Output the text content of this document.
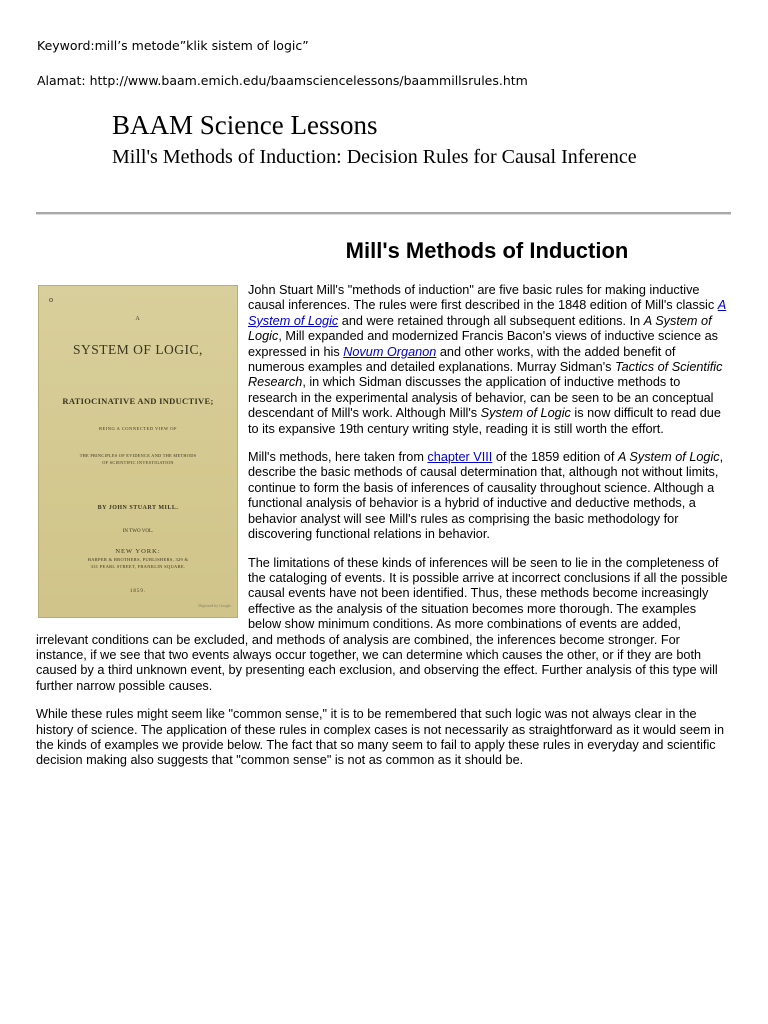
Keyword:mill’s metode”klik sistem of logic”
Alamat: http://www.baam.emich.edu/baamsciencelessons/baammillsrules.htm
BAAM Science Lessons
Mill's Methods of Induction: Decision Rules for Causal Inference
Mill's Methods of Induction
o
A
SYSTEM OF LOGIC,
RATIOCINATIVE AND INDUCTIVE;
BEING A CONNECTED VIEW OF
THE PRINCIPLES OF EVIDENCE AND THE METHODS OF SCIENTIFIC INVESTIGATION
BY JOHN STUART MILL.
IN TWO VOL.
NEW YORK:
HARPER & BROTHERS, PUBLISHERS, 329 & 331 PEARL STREET, FRANKLIN SQUARE.
1859.
Digitized by Google

John Stuart Mill's "methods of induction" are five basic rules for making inductive causal inferences. The rules were first described in the 1848 edition of Mill's classic A System of Logic and were retained through all subsequent editions. In A System of Logic, Mill expanded and modernized Francis Bacon's views of inductive science as expressed in his Novum Organon and other works, with the added benefit of numerous examples and detailed explanations. Murray Sidman's Tactics of Scientific Research, in which Sidman discusses the application of inductive methods to research in the experimental analysis of behavior, can be seen to be an conceptual descendant of Mill's work. Although Mill's System of Logic is now difficult to read due to its expansive 19th century writing style, reading it is still worth the effort.

Mill's methods, here taken from chapter VIII of the 1859 edition of A System of Logic, describe the basic methods of causal determination that, although not without limits, continue to form the basis of inferences of causality throughout science. Although a functional analysis of behavior is a hybrid of inductive and deductive methods, a behavior analyst will see Mill's rules as comprising the basic methodology for discovering functional relations in behavior.

The limitations of these kinds of inferences will be seen to lie in the completeness of the cataloging of events. It is possible arrive at incorrect conclusions if all the possible causal events have not been identified. Thus, these methods become increasingly effective as the analysis of the situation becomes more thorough. The examples below show minimum conditions. As more combinations of events are added, irrelevant conditions can be excluded, and methods of analysis are combined, the inferences become stronger. For instance, if we see that two events always occur together, we can determine which causes the other, or if they are both caused by a third unknown event, by presenting each exclusion, and observing the effect. Further analysis of this type will further narrow possible causes.

While these rules might seem like "common sense," it is to be remembered that such logic was not always clear in the history of science. The application of these rules in complex cases is not necessarily as straightforward as it would seem in the kinds of examples we provide below. The fact that so many seem to fail to apply these rules in everyday and scientific decision making also suggests that "common sense" is not as common as it should be.
